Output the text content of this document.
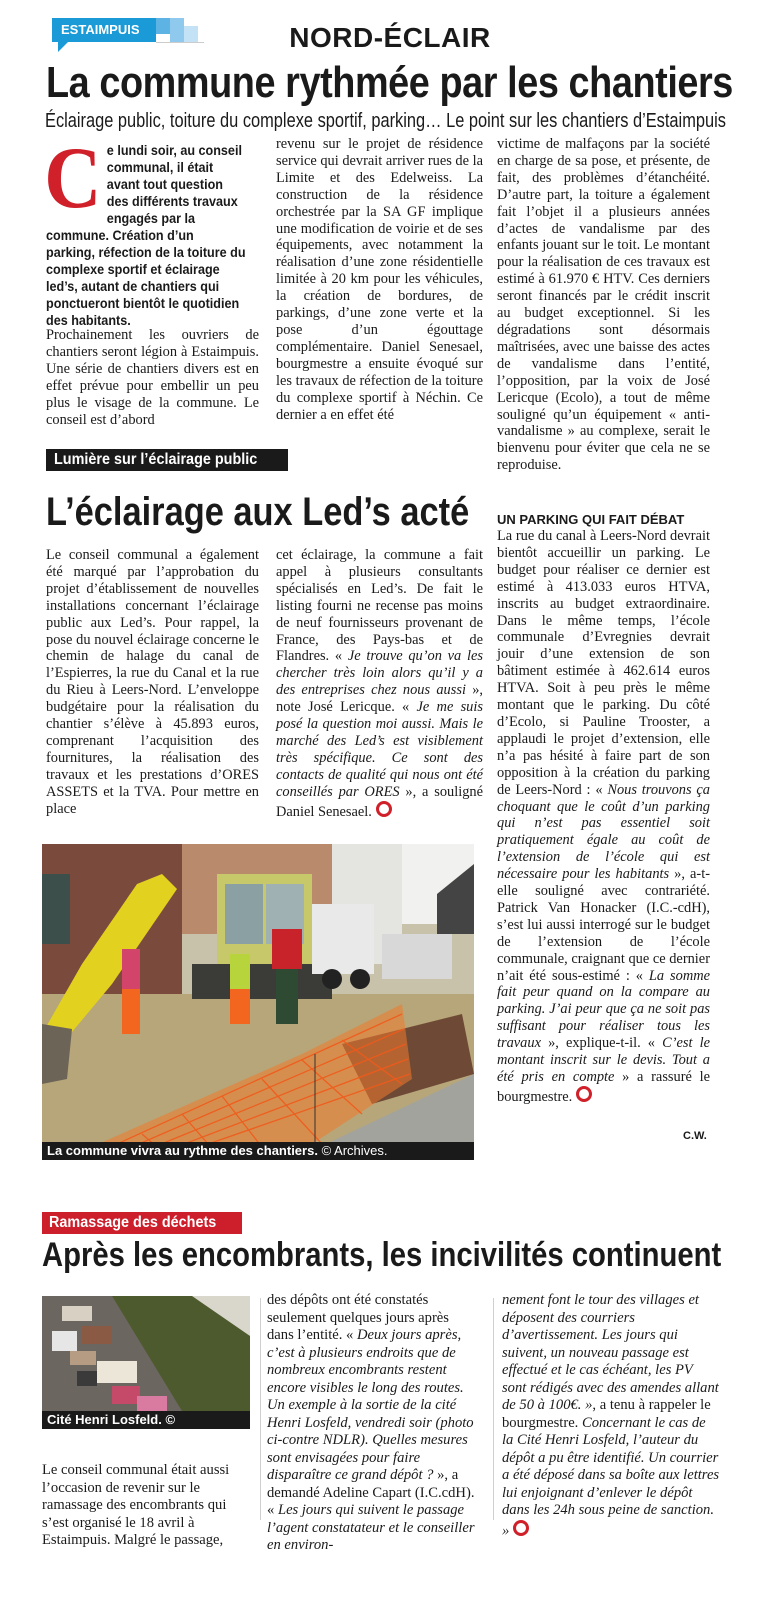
ESTAIMPUIS	NORD-ÉCLAIR
La commune rythmée par les chantiers
Éclairage public, toiture du complexe sportif, parking… Le point sur les chantiers d’Estaimpuis
Ce lundi soir, au conseil communal, il était avant tout question des différents travaux engagés par la commune. Création d’un parking, réfection de la toiture du complexe sportif et éclairage led’s, autant de chantiers qui ponctueront bientôt le quotidien des habitants.
Prochainement les ouvriers de chantiers seront légion à Estaimpuis. Une série de chantiers divers est en effet prévue pour embellir un peu plus le visage de la commune. Le conseil est d’abord
revenu sur le projet de résidence service qui devrait arriver rues de la Limite et des Edelweiss. La construction de la résidence orchestrée par la SA GF implique une modification de voirie et de ses équipements, avec notamment la réalisation d’une zone résidentielle limitée à 20 km pour les véhicules, la création de bordures, de parkings, d’une zone verte et la pose d’un égouttage complémentaire. Daniel Senesael, bourgmestre a ensuite évoqué sur les travaux de réfection de la toiture du complexe sportif à Néchin. Ce dernier a en effet été
victime de malfaçons par la société en charge de sa pose, et présente, de fait, des problèmes d’étanchéité. D’autre part, la toiture a également fait l’objet il a plusieurs années d’actes de vandalisme par des enfants jouant sur le toit. Le montant pour la réalisation de ces travaux est estimé à 61.970 € HTV. Ces derniers seront financés par le crédit inscrit au budget exceptionnel. Si les dégradations sont désormais maîtrisées, avec une baisse des actes de vandalisme dans l’entité, l’opposition, par la voix de José Lericque (Ecolo), a tout de même souligné qu’un équipement « anti-vandalisme » au complexe, serait le bienvenu pour éviter que cela ne se reproduise.
Lumière sur l’éclairage public
L’éclairage aux Led’s acté
Le conseil communal a également été marqué par l’approbation du projet d’établissement de nouvelles installations concernant l’éclairage public aux Led’s. Pour rappel, la pose du nouvel éclairage concerne le chemin de halage du canal de l’Espierres, la rue du Canal et la rue du Rieu à Leers-Nord. L’enveloppe budgétaire pour la réalisation du chantier s’élève à 45.893 euros, comprenant l’acquisition des fournitures, la réalisation des travaux et les prestations d’ORES ASSETS et la TVA. Pour mettre en place
cet éclairage, la commune a fait appel à plusieurs consultants spécialisés en Led’s. De fait le listing fourni ne recense pas moins de neuf fournisseurs provenant de France, des Pays-bas et de Flandres. « Je trouve qu’on va les chercher très loin alors qu’il y a des entreprises chez nous aussi », note José Lericque. « Je me suis posé la question moi aussi. Mais le marché des Led’s est visiblement très spécifique. Ce sont des contacts de qualité qui nous ont été conseillés par ORES », a souligné Daniel Senesael.
La commune vivra au rythme des chantiers. © Archives.
UN PARKING QUI FAIT DÉBAT
La rue du canal à Leers-Nord devrait bientôt accueillir un parking. Le budget pour réaliser ce dernier est estimé à 413.033 euros HTVA, inscrits au budget extraordinaire. Dans le même temps, l’école communale d’Evregnies devrait jouir d’une extension de son bâtiment estimée à 462.614 euros HTVA. Soit à peu près le même montant que le parking. Du côté d’Ecolo, si Pauline Trooster, a applaudi le projet d’extension, elle n’a pas hésité à faire part de son opposition à la création du parking de Leers-Nord : « Nous trouvons ça choquant que le coût d’un parking qui n’est pas essentiel soit pratiquement égale au coût de l’extension de l’école qui est nécessaire pour les habitants », a-t-elle souligné avec contrariété. Patrick Van Honacker (I.C.-cdH), s’est lui aussi interrogé sur le budget de l’extension de l’école communale, craignant que ce dernier n’ait été sous-estimé : « La somme fait peur quand on la compare au parking. J’ai peur que ça ne soit pas suffisant pour réaliser tous les travaux », explique-t-il. « C’est le montant inscrit sur le devis. Tout a été pris en compte » a rassuré le bourgmestre.
C.W.
Ramassage des déchets
Après les encombrants, les incivilités continuent
Cité Henri Losfeld. ©
Le conseil communal était aussi l’occasion de revenir sur le ramassage des encombrants qui s’est organisé le 18 avril à Estaimpuis. Malgré le passage,
des dépôts ont été constatés seulement quelques jours après dans l’entité. « Deux jours après, c’est à plusieurs endroits que de nombreux encombrants restent encore visibles le long des routes. Un exemple à la sortie de la cité Henri Losfeld, vendredi soir (photo ci-contre NDLR). Quelles mesures sont envisagées pour faire disparaître ce grand dépôt ? », a demandé Adeline Capart (I.C.cdH). « Les jours qui suivent le passage l’agent constatateur et le conseiller en environ-
nement font le tour des villages et déposent des courriers d’avertissement. Les jours qui suivent, un nouveau passage est effectué et le cas échéant, les PV sont rédigés avec des amendes allant de 50 à 100€. », a tenu à rappeler le bourgmestre. Concernant le cas de la Cité Henri Losfeld, l’auteur du dépôt a pu être identifié. Un courrier a été déposé dans sa boîte aux lettres lui enjoignant d’enlever le dépôt dans les 24h sous peine de sanction. »
